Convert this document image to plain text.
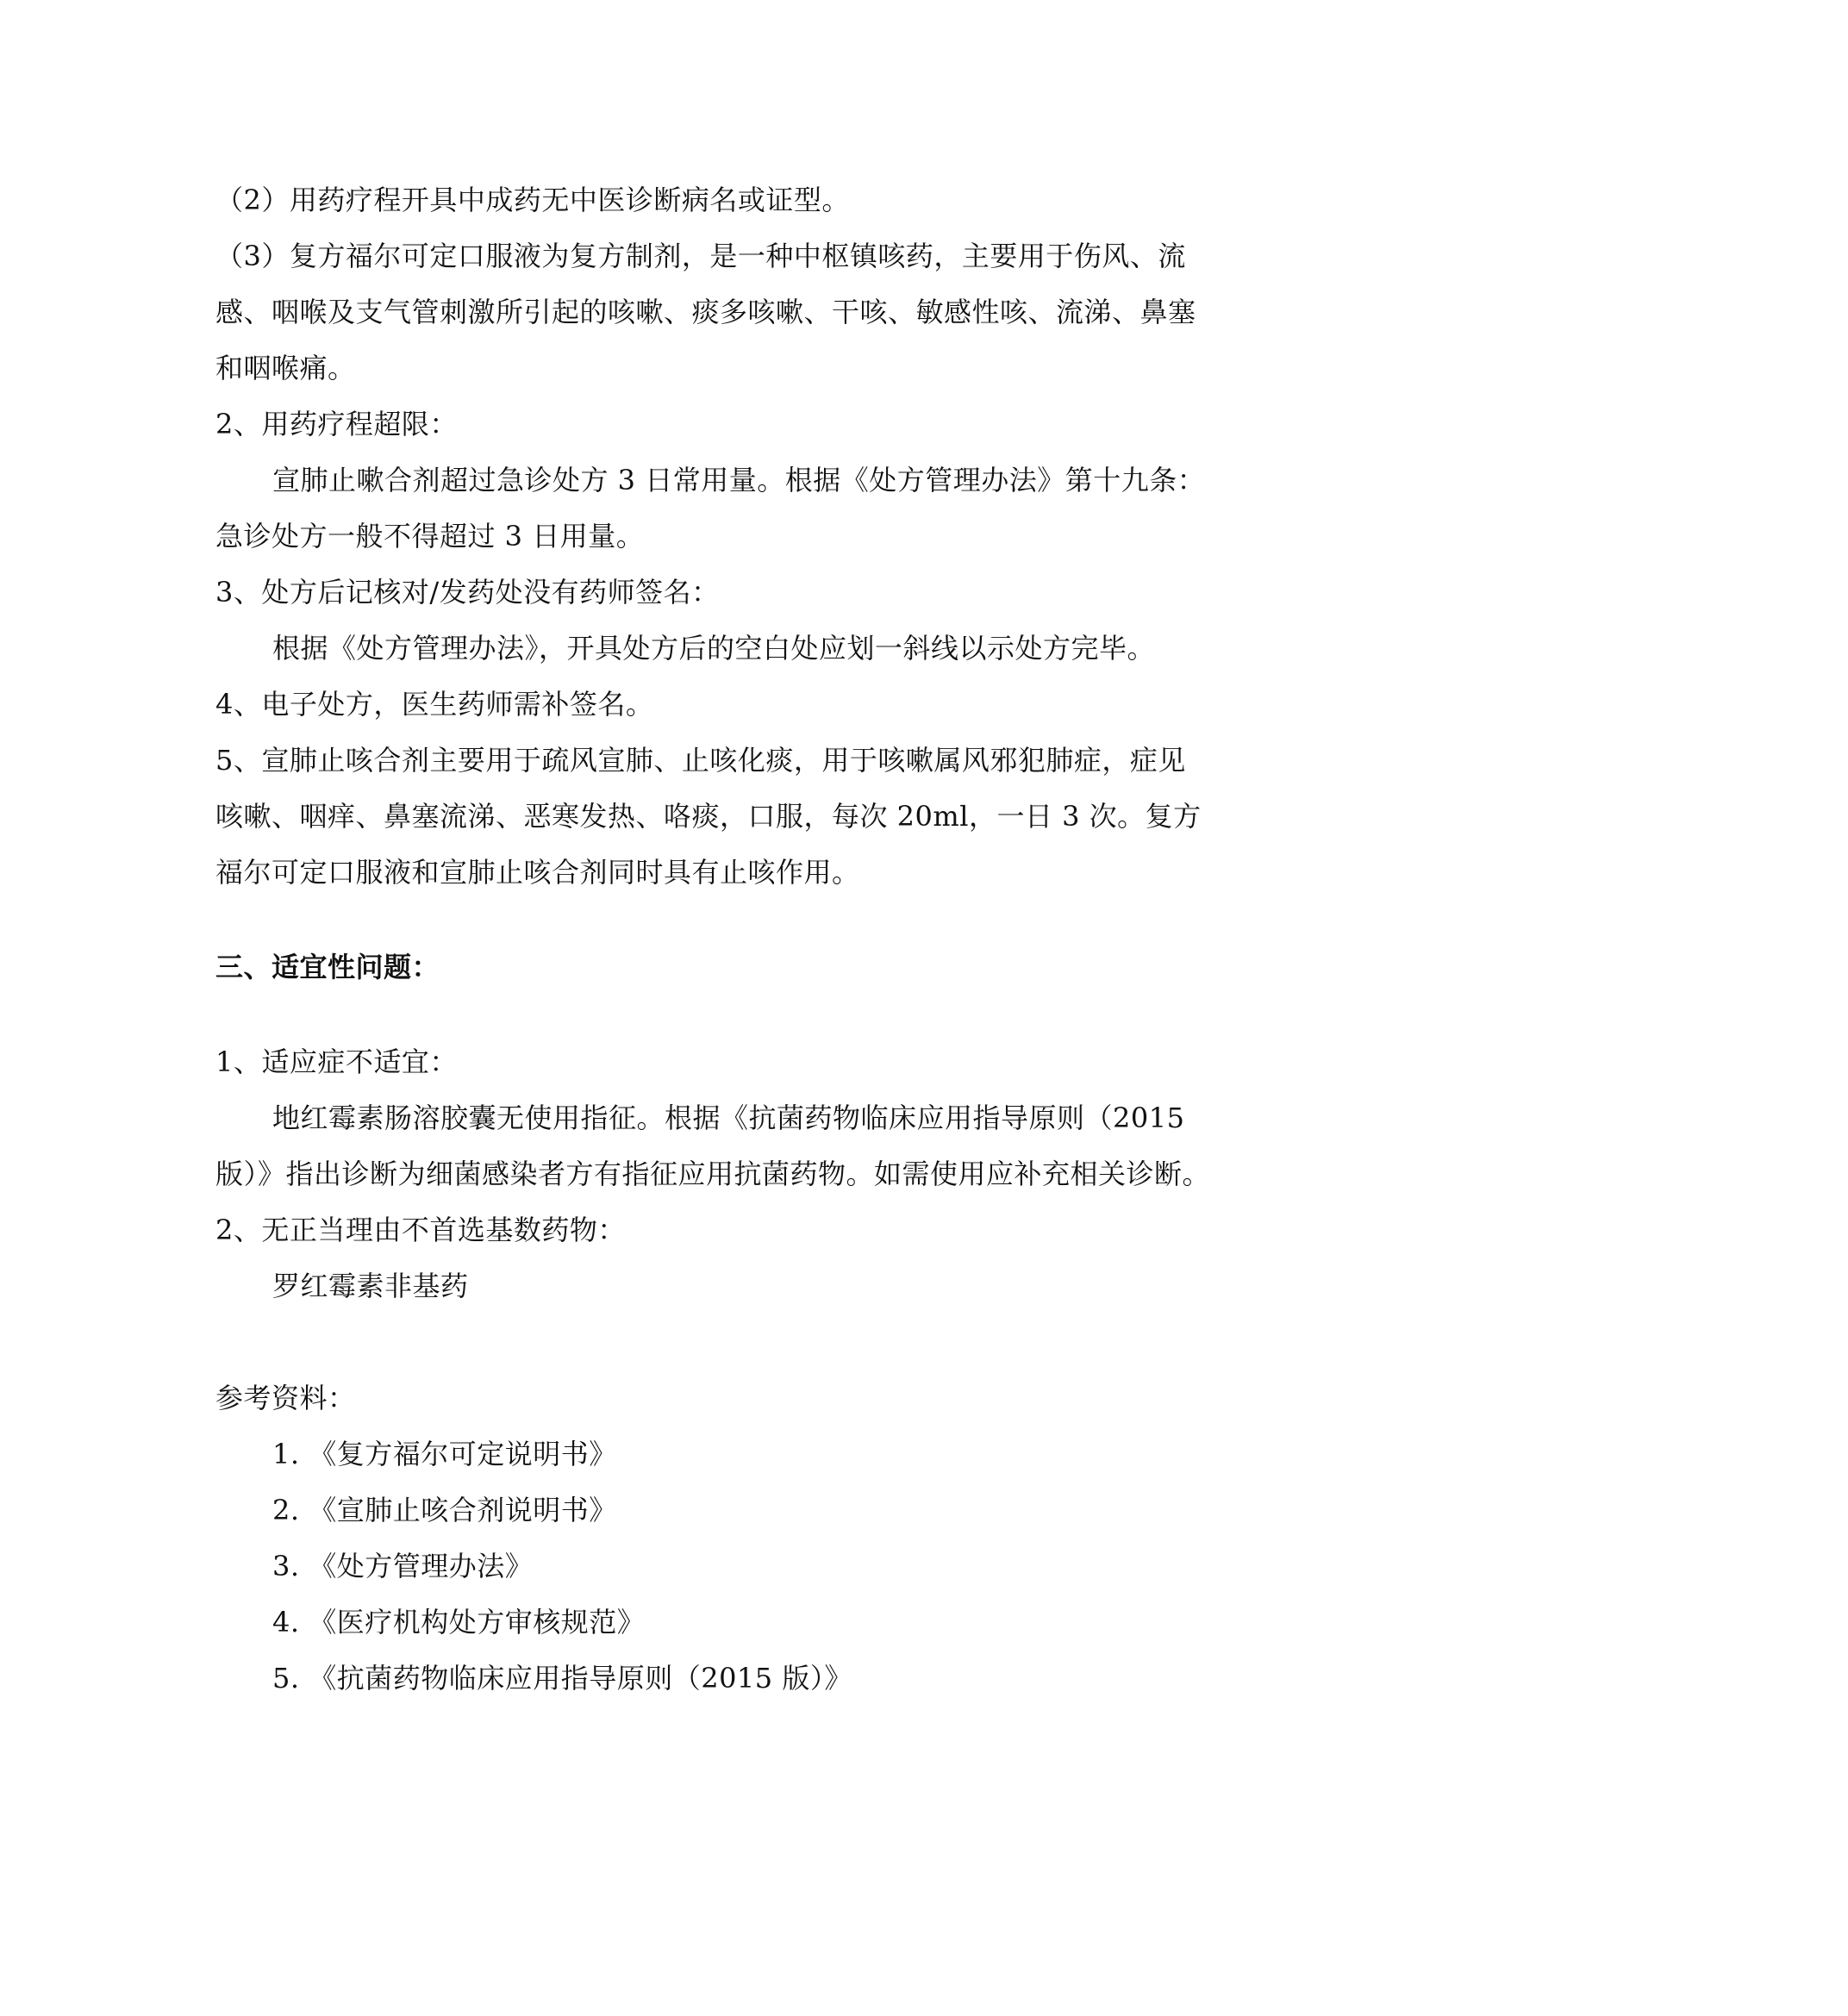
（2）用药疗程开具中成药无中医诊断病名或证型。
（3）复方福尔可定口服液为复方制剂，是一种中枢镇咳药，主要用于伤风、流
感、咽喉及支气管刺激所引起的咳嗽、痰多咳嗽、干咳、敏感性咳、流涕、鼻塞
和咽喉痛。
2、用药疗程超限：
宣肺止嗽合剂超过急诊处方 3 日常用量。根据《处方管理办法》第十九条：
急诊处方一般不得超过 3 日用量。
3、处方后记核对/发药处没有药师签名：
根据《处方管理办法》，开具处方后的空白处应划一斜线以示处方完毕。
4、电子处方，医生药师需补签名。
5、宣肺止咳合剂主要用于疏风宣肺、止咳化痰，用于咳嗽属风邪犯肺症，症见
咳嗽、咽痒、鼻塞流涕、恶寒发热、咯痰，口服，每次 20ml，一日 3 次。复方
福尔可定口服液和宣肺止咳合剂同时具有止咳作用。
三、适宜性问题：
1、适应症不适宜：
地红霉素肠溶胶囊无使用指征。根据《抗菌药物临床应用指导原则（2015
版）》指出诊断为细菌感染者方有指征应用抗菌药物。如需使用应补充相关诊断。
2、无正当理由不首选基数药物：
罗红霉素非基药
参考资料：
1. 《复方福尔可定说明书》
2. 《宣肺止咳合剂说明书》
3. 《处方管理办法》
4. 《医疗机构处方审核规范》
5. 《抗菌药物临床应用指导原则（2015 版）》
